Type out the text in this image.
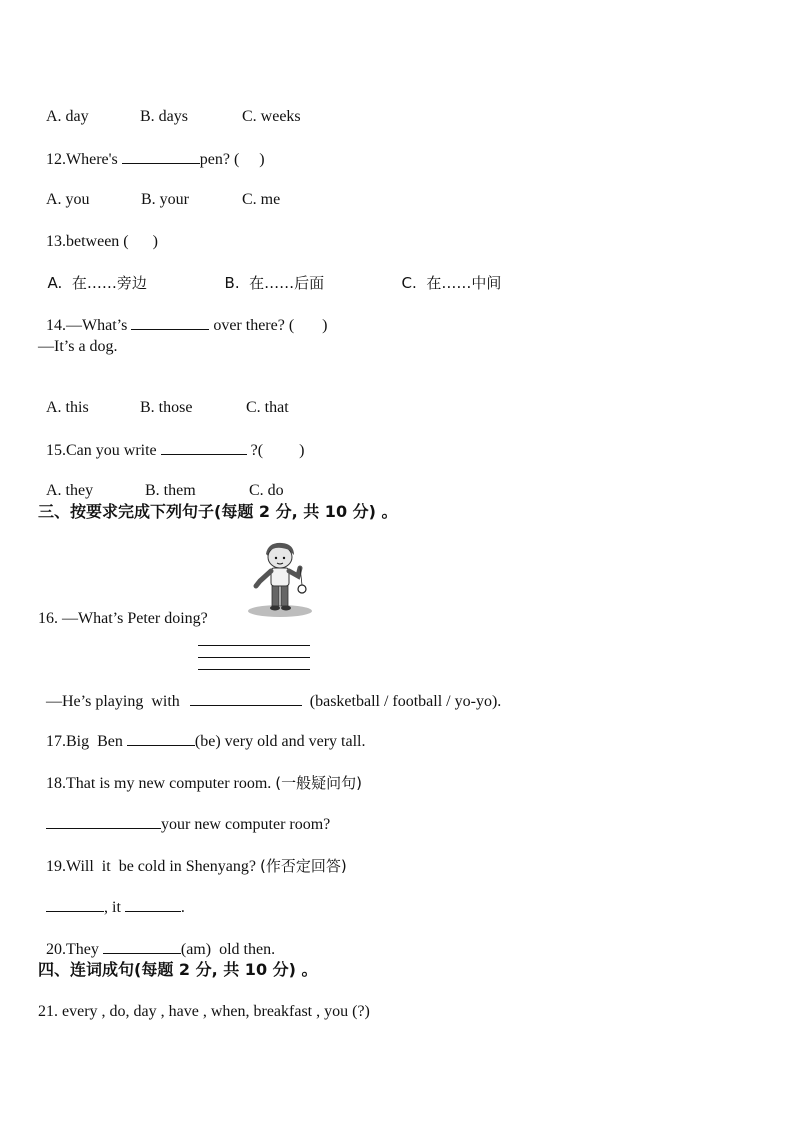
A. day	B. days	C. weeks

12.Where's	pen? (     )

A. you	B. your	C. me

13.between (      )

A.  在……旁边	B.  在……后面	C.  在……中间

14.—What’s	over there? (       )

—It’s a dog.

A. this	B. those	C. that

15.Can you write	?(         )

A. they	B. them	C. do

三、按要求完成下列句子(每题 2 分, 共 10 分) 。
16. —What’s Peter doing?

—He’s playing  with	(basketball / football / yo-yo).

17.Big  Ben	(be) very old and very tall.

18.That is my new computer room. (一般疑问句)

your new computer room?

19.Will  it  be cold in Shenyang? (作否定回答)

, it	.

20.They	(am)  old then.

四、连词成句(每题 2 分, 共 10 分) 。
21. every , do, day , have , when, breakfast , you (?)
